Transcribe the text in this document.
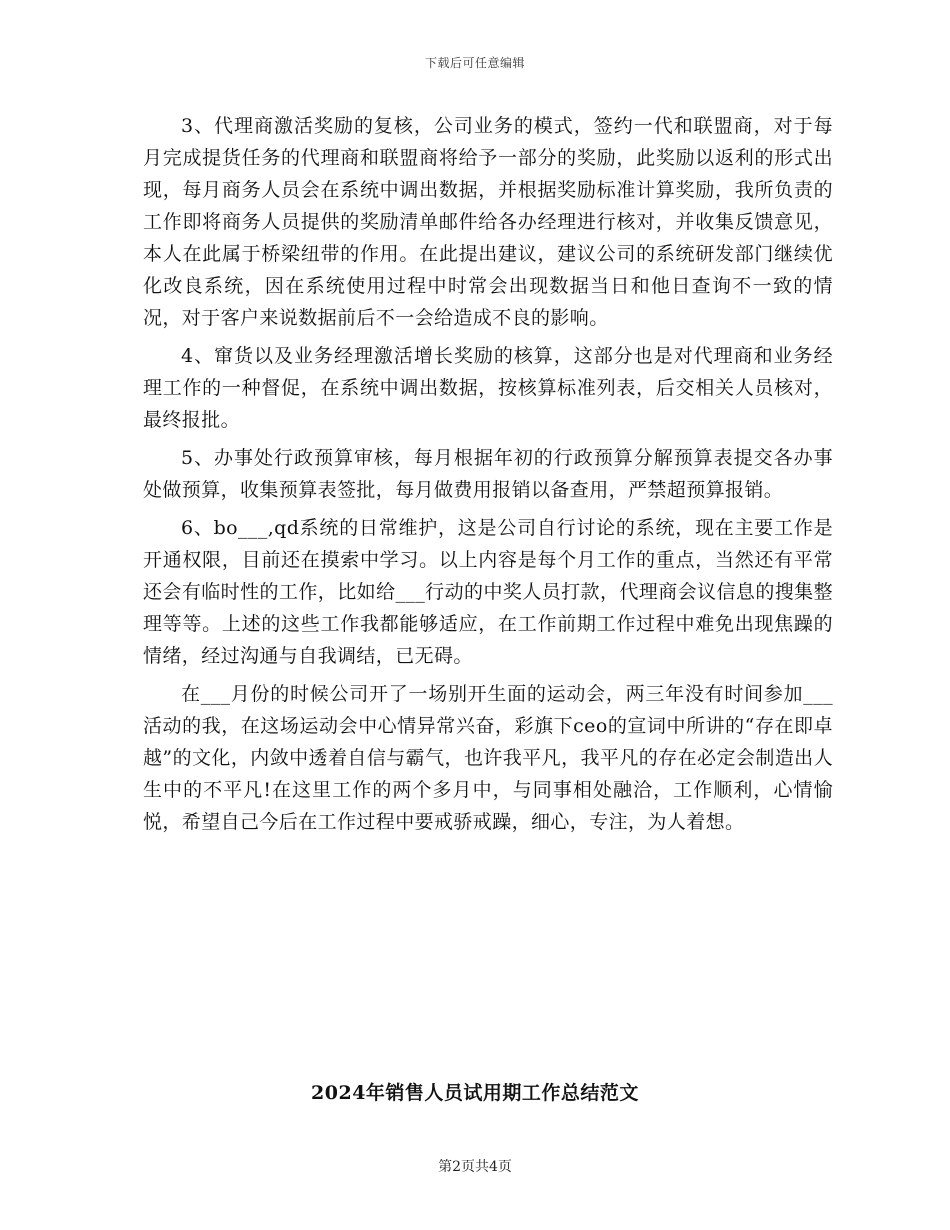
下载后可任意编辑

3、代理商激活奖励的复核，公司业务的模式，签约一代和联盟商，对于每月完成提货任务的代理商和联盟商将给予一部分的奖励，此奖励以返利的形式出现，每月商务人员会在系统中调出数据，并根据奖励标准计算奖励，我所负责的工作即将商务人员提供的奖励清单邮件给各办经理进行核对，并收集反馈意见，本人在此属于桥梁纽带的作用。在此提出建议，建议公司的系统研发部门继续优化改良系统，因在系统使用过程中时常会出现数据当日和他日查询不一致的情况，对于客户来说数据前后不一会给造成不良的影响。

4、窜货以及业务经理激活增长奖励的核算，这部分也是对代理商和业务经理工作的一种督促，在系统中调出数据，按核算标准列表，后交相关人员核对，最终报批。

5、办事处行政预算审核，每月根据年初的行政预算分解预算表提交各办事处做预算，收集预算表签批，每月做费用报销以备查用，严禁超预算报销。

6、bo___,qd系统的日常维护，这是公司自行讨论的系统，现在主要工作是开通权限，目前还在摸索中学习。以上内容是每个月工作的重点，当然还有平常还会有临时性的工作，比如给___行动的中奖人员打款，代理商会议信息的搜集整理等等。上述的这些工作我都能够适应，在工作前期工作过程中难免出现焦躁的情绪，经过沟通与自我调结，已无碍。

在___月份的时候公司开了一场别开生面的运动会，两三年没有时间参加___活动的我，在这场运动会中心情异常兴奋，彩旗下ceo的宣词中所讲的“存在即卓越”的文化，内敛中透着自信与霸气，也许我平凡，我平凡的存在必定会制造出人生中的不平凡!在这里工作的两个多月中，与同事相处融洽，工作顺利，心情愉悦，希望自己今后在工作过程中要戒骄戒躁，细心，专注，为人着想。

2024年销售人员试用期工作总结范文
第2页共4页
